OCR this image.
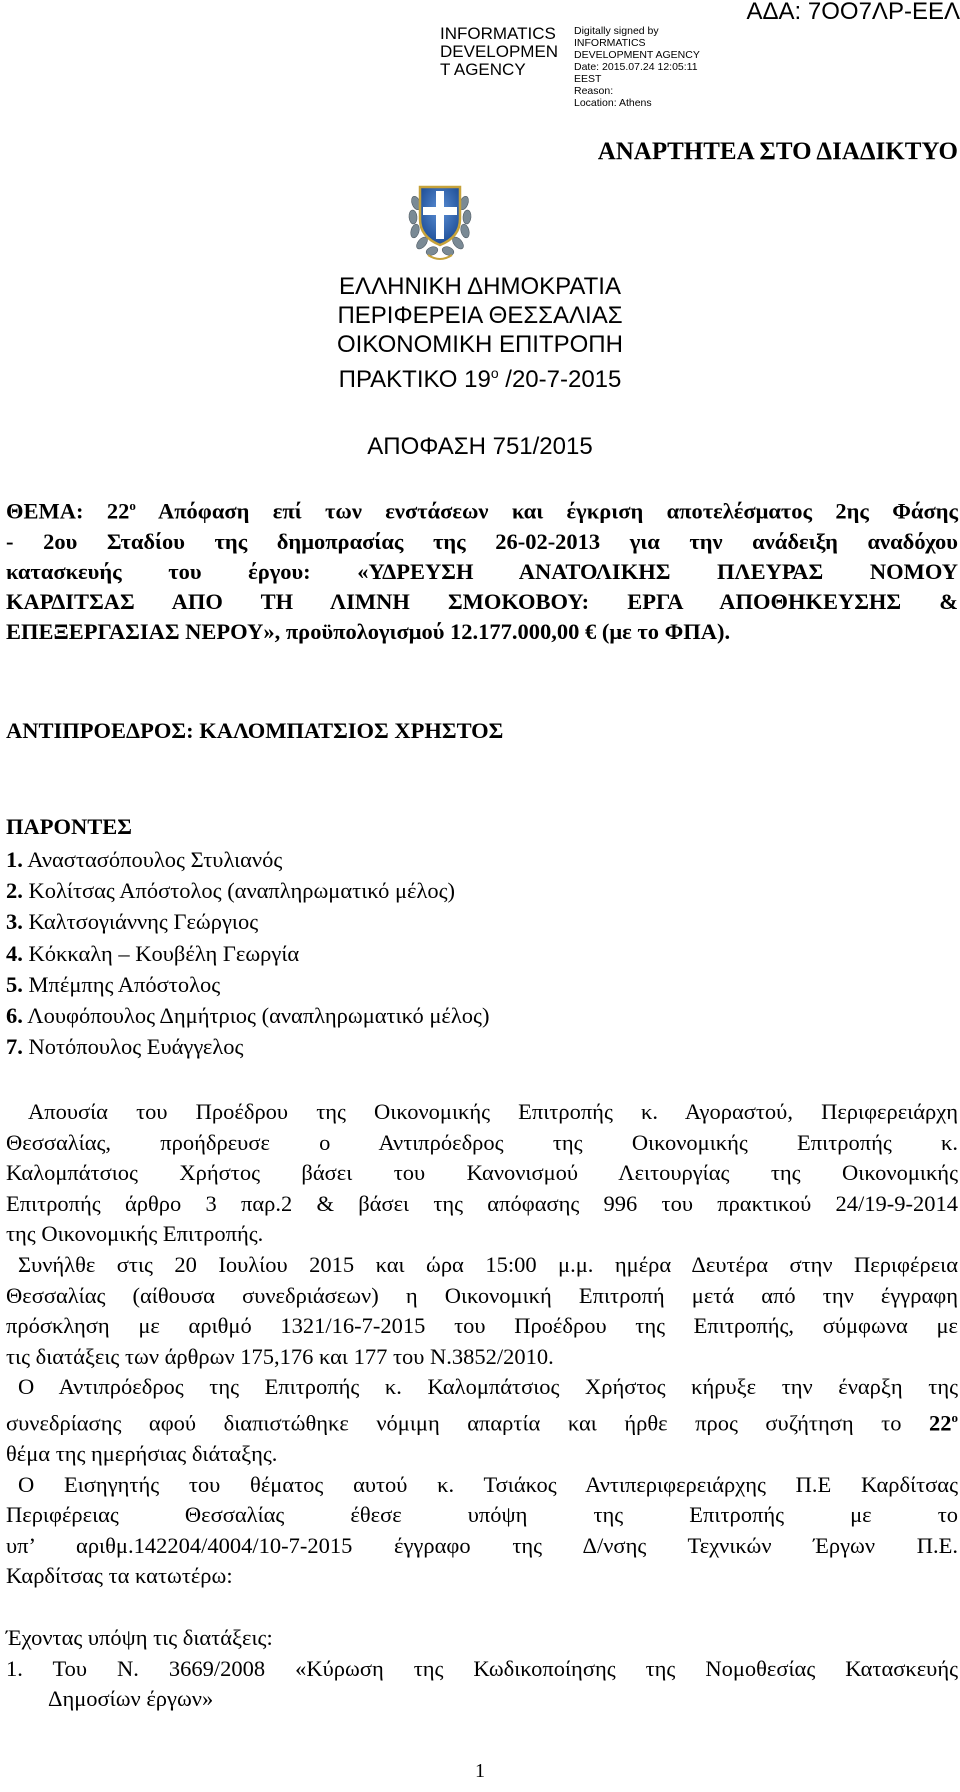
INFORMATICS
DEVELOPMEN
T AGENCY
Digitally signed by
INFORMATICS
DEVELOPMENT AGENCY
Date: 2015.07.24 12:05:11
EEST
Reason:
Location: Athens
ΑΔΑ: 7ΟΟ7ΛΡ-ΕΕΛ
ΑΝΑΡΤΗΤΕΑ ΣΤΟ ΔΙΑΔΙΚΤΥΟ
ΕΛΛΗΝΙΚΗ ΔΗΜΟΚΡΑΤΙΑ
ΠΕΡΙΦΕΡΕΙΑ ΘΕΣΣΑΛΙΑΣ
ΟΙΚΟΝΟΜΙΚΗ ΕΠΙΤΡΟΠΗ
ΠΡΑΚΤΙΚΟ $19^o$ /20-7-2015
ΑΠΟΦΑΣΗ 751/2015
ΘΕΜΑ: $22^o$ Απόφαση επί των ενστάσεων και έγκριση αποτελέσματος 2ης Φάσης
- 2ου Σταδίου της δημοπρασίας της 26-02-2013 για την ανάδειξη αναδόχου
κατασκευής του έργου: «ΥΔΡΕΥΣΗ ΑΝΑΤΟΛΙΚΗΣ ΠΛΕΥΡΑΣ ΝΟΜΟΥ
ΚΑΡΔΙΤΣΑΣ ΑΠΟ ΤΗ ΛΙΜΝΗ ΣΜΟΚΟΒΟΥ: ΕΡΓΑ ΑΠΟΘΗΚΕΥΣΗΣ &
ΕΠΕΞΕΡΓΑΣΙΑΣ ΝΕΡΟΥ», προϋπολογισμού 12.177.000,00 € (με το ΦΠΑ).
ΑΝΤΙΠΡΟΕΔΡΟΣ: ΚΑΛΟΜΠΑΤΣΙΟΣ ΧΡΗΣΤΟΣ
ΠΑΡΟΝΤΕΣ
1. Αναστασόπουλος Στυλιανός
2. Κολίτσας Απόστολος (αναπληρωματικό μέλος)
3. Καλτσογιάννης Γεώργιος
4. Κόκκαλη – Κουβέλη Γεωργία
5. Μπέμπης Απόστολος
6. Λουφόπουλος Δημήτριος (αναπληρωματικό μέλος)
7. Νοτόπουλος Ευάγγελος
Απουσία του Προέδρου της Οικονομικής Επιτροπής κ. Αγοραστού, Περιφερειάρχη
Θεσσαλίας, προήδρευσε ο Αντιπρόεδρος της Οικονομικής Επιτροπής κ.
Καλομπάτσιος Χρήστος βάσει του Κανονισμού Λειτουργίας της Οικονομικής
Επιτροπής άρθρο 3 παρ.2 & βάσει της απόφασης 996 του πρακτικού 24/19-9-2014
της Οικονομικής Επιτροπής.
Συνήλθε στις 20 Ιουλίου 2015 και ώρα 15:00 μ.μ. ημέρα Δευτέρα στην Περιφέρεια
Θεσσαλίας (αίθουσα συνεδριάσεων) η Οικονομική Επιτροπή μετά από την έγγραφη
πρόσκληση με αριθμό 1321/16-7-2015 του Προέδρου της Επιτροπής, σύμφωνα με
τις διατάξεις των άρθρων 175,176 και 177 του Ν.3852/2010.
Ο Αντιπρόεδρος της Επιτροπής κ. Καλομπάτσιος Χρήστος κήρυξε την έναρξη της
συνεδρίασης αφού διαπιστώθηκε νόμιμη απαρτία και ήρθε προς συζήτηση το $22^o$
θέμα της ημερήσιας διάταξης.
Ο Εισηγητής του θέματος αυτού κ. Τσιάκος Αντιπεριφερειάρχης Π.Ε Καρδίτσας
Περιφέρειας Θεσσαλίας έθεσε υπόψη της Επιτροπής με το
υπ’ αριθμ.142204/4004/10-7-2015 έγγραφο της Δ/νσης Τεχνικών Έργων Π.Ε.
Καρδίτσας τα κατωτέρω:
Έχοντας υπόψη τις διατάξεις:
1. Του Ν. 3669/2008 «Κύρωση της Κωδικοποίησης της Νομοθεσίας Κατασκευής
Δημοσίων έργων»
1
